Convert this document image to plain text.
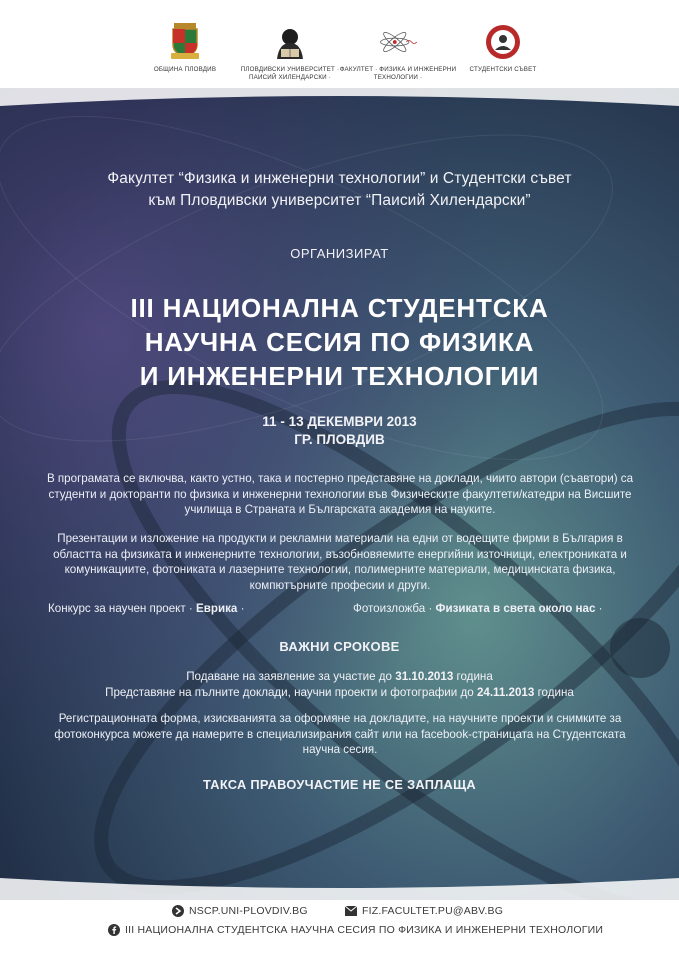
ОБЩИНА ПЛОВДИВ	ПЛОВДИВСКИ УНИВЕРСИТЕТ · ПАИСИЙ ХИЛЕНДАРСКИ ·
ФАКУЛТЕТ · ФИЗИКА И ИНЖЕНЕРНИ ТЕХНОЛОГИИ ·
СТУДЕНТСКИ СЪВЕТ
Факултет “Физика и инженерни технологии” и Студентски съвет
към Пловдивски университет “Паисий Хилендарски”
ОРГАНИЗИРАТ
III НАЦИОНАЛНА СТУДЕНТСКА
НАУЧНА СЕСИЯ ПО ФИЗИКА
И ИНЖЕНЕРНИ ТЕХНОЛОГИИ
11 - 13 ДЕКЕМВРИ 2013
ГР. ПЛОВДИВ
В програмата се включва, както устно, така и постерно представяне на доклади, чиито автори (съавтори) са студенти и докторанти по физика и инженерни технологии във Физическите факултети/катедри на Висшите училища в Страната и Българската академия на науките.
Презентации и изложение на продукти и рекламни материали на едни от водещите фирми в България в областта на физиката и инженерните технологии, възобновяемите енергийни източници, електрониката и комуникациите, фотониката и лазерните технологии, полимерните материали, медицинската физика, компютърните професии и други.
Конкурс за научен проект · Еврика ·	Фотоизложба · Физиката в света около нас ·
ВАЖНИ СРОКОВЕ
Подаване на заявление за участие до 31.10.2013 година
Представяне на пълните доклади, научни проекти и фотографии до 24.11.2013 година
Регистрационната форма, изискванията за оформяне на докладите, на научните проекти и снимките за фотоконкурса можете да намерите в специализирания сайт или на facebook-страницата на Студентската научна сесия.
ТАКСА ПРАВОУЧАСТИЕ НЕ СЕ ЗАПЛАЩА
NSCP.UNI-PLOVDIV.BG	FIZ.FACULTET.PU@ABV.BG
III НАЦИОНАЛНА СТУДЕНТСКА НАУЧНА СЕСИЯ ПО ФИЗИКА И ИНЖЕНЕРНИ ТЕХНОЛОГИИ
